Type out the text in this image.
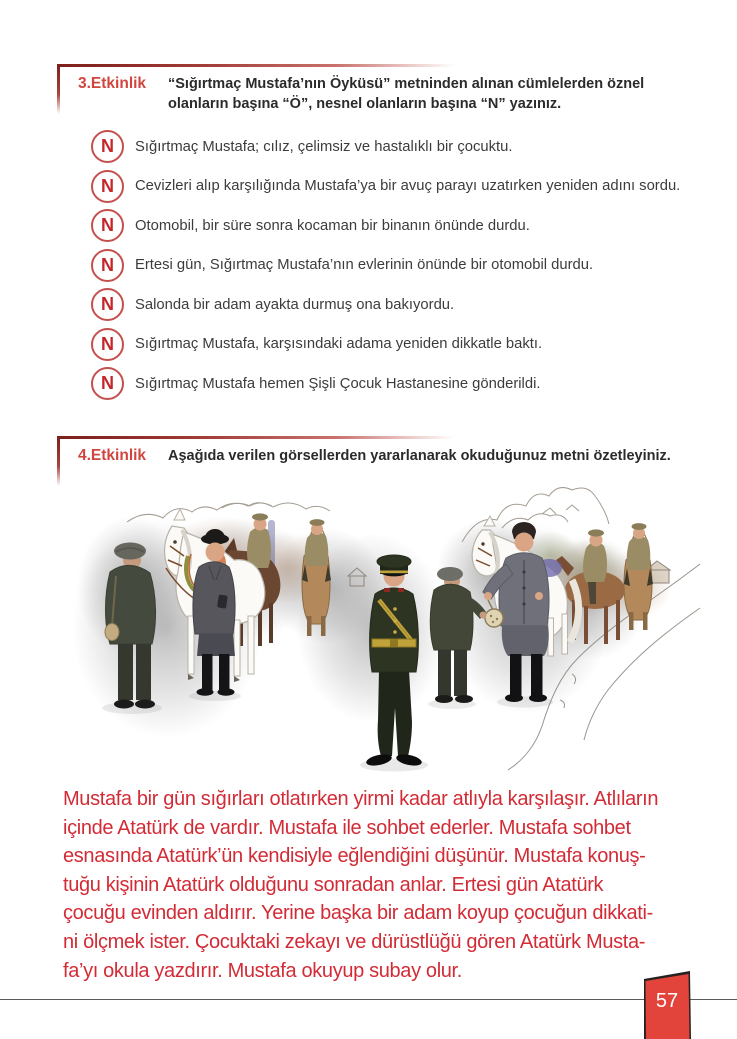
3.Etkinlik	“Sığırtmaç Mustafa’nın Öyküsü” metninden alınan cümlelerden öznel olanların başına “Ö”, nesnel olanların başına “N” yazınız.
N	Sığırtmaç Mustafa; cılız, çelimsiz ve hastalıklı bir çocuktu.
N	Cevizleri alıp karşılığında Mustafa’ya bir avuç parayı uzatırken yeniden adını sordu.
N	Otomobil, bir süre sonra kocaman bir binanın önünde durdu.
N	Ertesi gün, Sığırtmaç Mustafa’nın evlerinin önünde bir otomobil durdu.
N	Salonda bir adam ayakta durmuş ona bakıyordu.
N	Sığırtmaç Mustafa, karşısındaki adama yeniden dikkatle baktı.
N	Sığırtmaç Mustafa hemen Şişli Çocuk Hastanesine gönderildi.
4.Etkinlik	Aşağıda verilen görsellerden yararlanarak okuduğunuz metni özetleyiniz.
Mustafa bir gün sığırları otlatırken yirmi kadar atlıyla karşılaşır. Atlıların
içinde Atatürk de vardır. Mustafa ile sohbet ederler. Mustafa sohbet
esnasında Atatürk’ün kendisiyle eğlendiğini düşünür. Mustafa konuş-
tuğu kişinin Atatürk olduğunu sonradan anlar. Ertesi gün Atatürk
çocuğu evinden aldırır. Yerine başka bir adam koyup çocuğun dikkati-
ni ölçmek ister. Çocuktaki zekayı ve dürüstlüğü gören Atatürk Musta-
fa’yı okula yazdırır. Mustafa okuyup subay olur.
57
